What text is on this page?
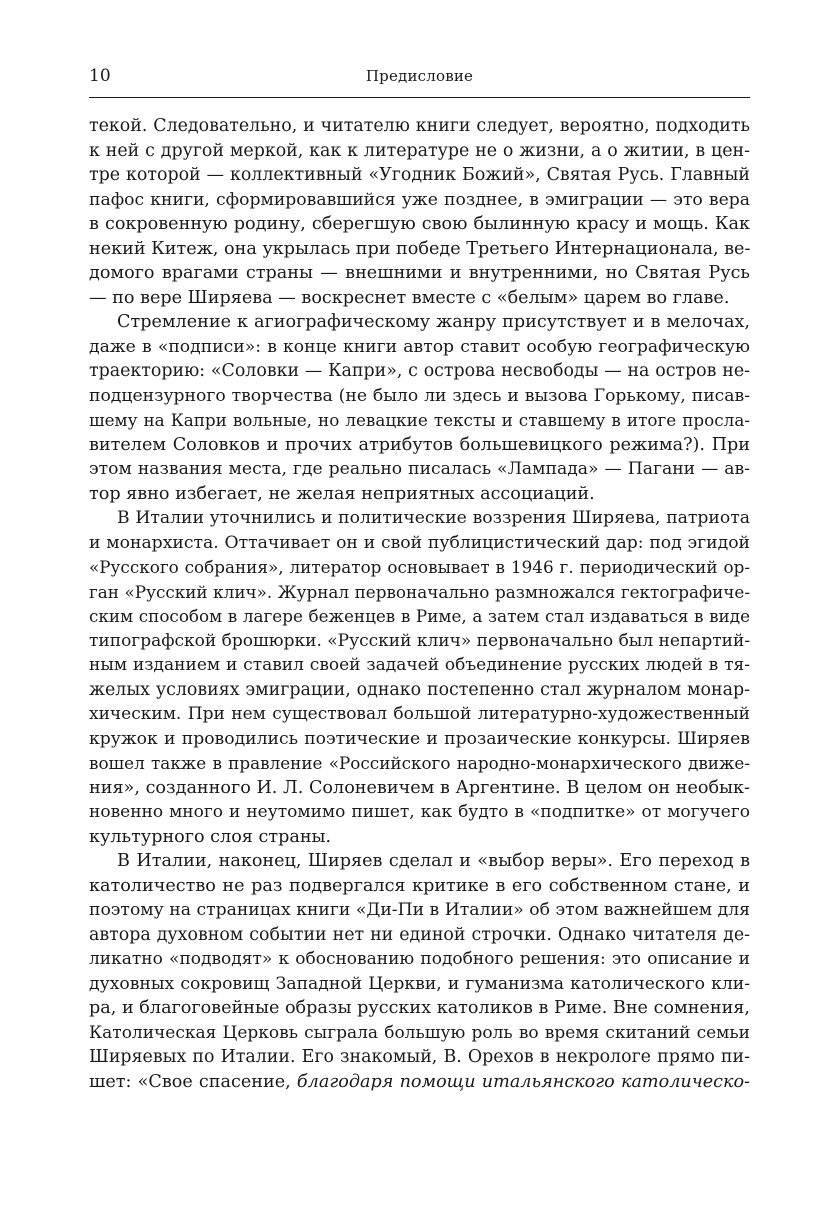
10	Предисловие
текой. Следовательно, и читателю книги следует, вероятно, подходить
к ней с другой меркой, как к литературе не о жизни, а о житии, в цен-
тре которой — коллективный «Угодник Божий», Святая Русь. Главный
пафос книги, сформировавшийся уже позднее, в эмиграции — это вера
в сокровенную родину, сберегшую свою былинную красу и мощь. Как
некий Китеж, она укрылась при победе Третьего Интернационала, ве-
домого врагами страны — внешними и внутренними, но Святая Русь
— по вере Ширяева — воскреснет вместе с «белым» царем во главе.
Стремление к агиографическому жанру присутствует и в мелочах,
даже в «подписи»: в конце книги автор ставит особую географическую
траекторию: «Соловки — Капри», с острова несвободы — на остров не-
подцензурного творчества (не было ли здесь и вызова Горькому, писав-
шему на Капри вольные, но левацкие тексты и ставшему в итоге просла-
вителем Соловков и прочих атрибутов большевицкого режима?). При
этом названия места, где реально писалась «Лампада» — Пагани — ав-
тор явно избегает, не желая неприятных ассоциаций.
В Италии уточнились и политические воззрения Ширяева, патриота
и монархиста. Оттачивает он и свой публицистический дар: под эгидой
«Русского собрания», литератор основывает в 1946 г. периодический ор-
ган «Русский клич». Журнал первоначально размножался гектографиче-
ским способом в лагере беженцев в Риме, а затем стал издаваться в виде
типографской брошюрки. «Русский клич» первоначально был непартий-
ным изданием и ставил своей задачей объединение русских людей в тя-
желых условиях эмиграции, однако постепенно стал журналом монар-
хическим. При нем существовал большой литературно-художественный
кружок и проводились поэтические и прозаические конкурсы. Ширяев
вошел также в правление «Российского народно-монархического движе-
ния», созданного И. Л. Солоневичем в Аргентине. В целом он необык-
новенно много и неутомимо пишет, как будто в «подпитке» от могучего
культурного слоя страны.
В Италии, наконец, Ширяев сделал и «выбор веры». Его переход в
католичество не раз подвергался критике в его собственном стане, и
поэтому на страницах книги «Ди-Пи в Италии» об этом важнейшем для
автора духовном событии нет ни единой строчки. Однако читателя де-
ликатно «подводят» к обоснованию подобного решения: это описание и
духовных сокровищ Западной Церкви, и гуманизма католического кли-
ра, и благоговейные образы русских католиков в Риме. Вне сомнения,
Католическая Церковь сыграла большую роль во время скитаний семьи
Ширяевых по Италии. Его знакомый, В. Орехов в некрологе прямо пи-
шет: «Свое спасение, благодаря помощи итальянского католическо-
